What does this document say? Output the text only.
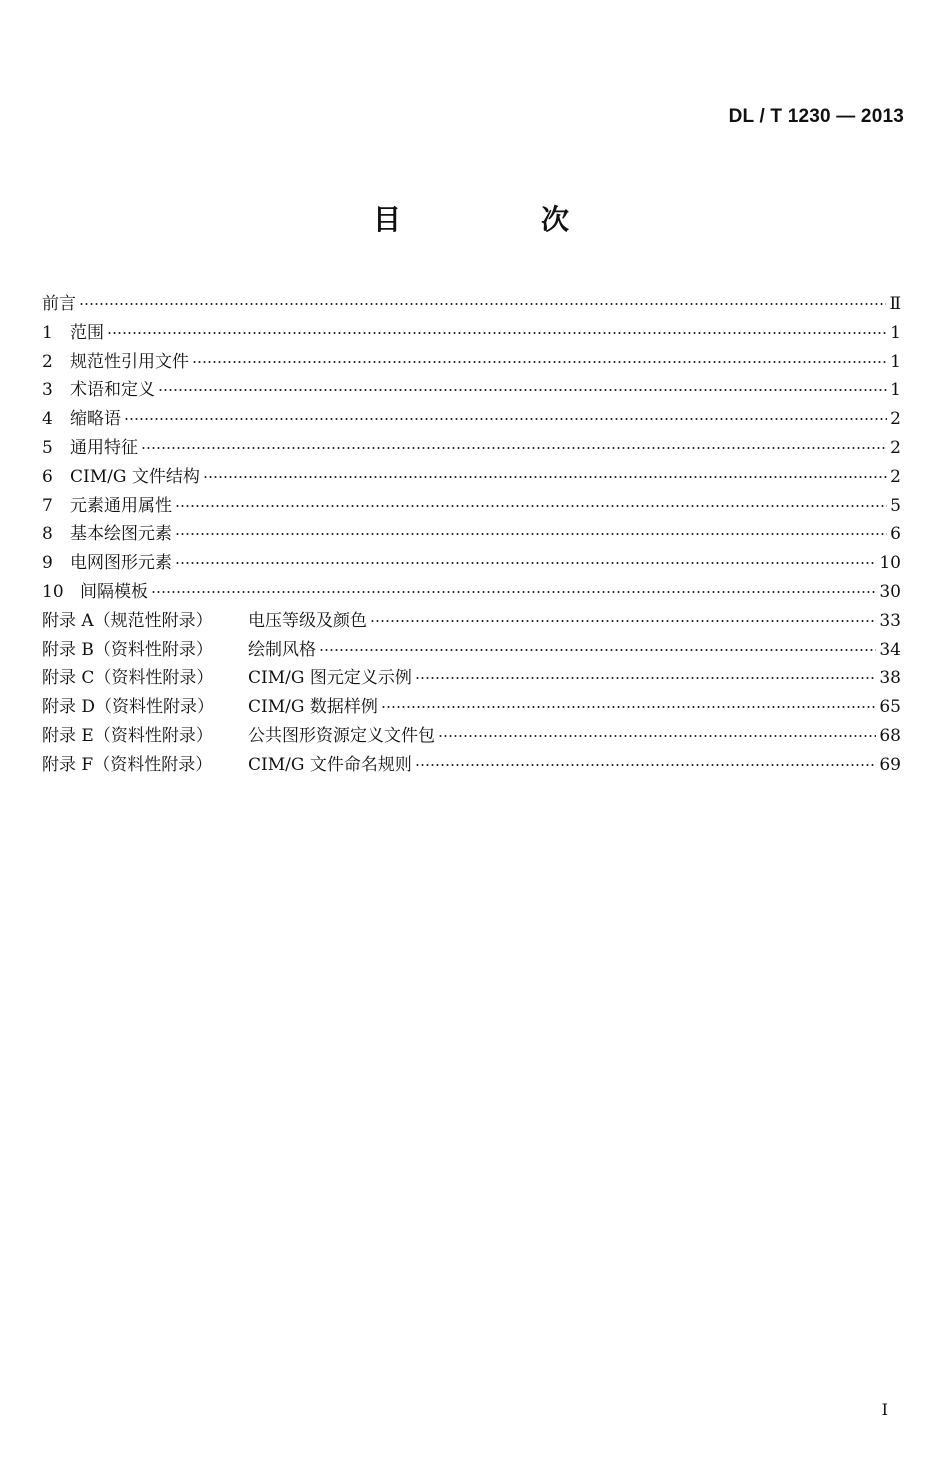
DL / T 1230 — 2013
目　次
前言	Ⅱ
1	范围	1
2	规范性引用文件	1
3	术语和定义	1
4	缩略语	2
5	通用特征	2
6	CIM/G 文件结构	2
7	元素通用属性	5
8	基本绘图元素	6
9	电网图形元素	10
10 间隔模板	30
附录 A（规范性附录）	电压等级及颜色	33
附录 B（资料性附录）	绘制风格	34
附录 C（资料性附录）	CIM/G 图元定义示例	38
附录 D（资料性附录）	CIM/G 数据样例	65
附录 E（资料性附录）	公共图形资源定义文件包	68
附录 F（资料性附录）	CIM/G 文件命名规则	69
I
